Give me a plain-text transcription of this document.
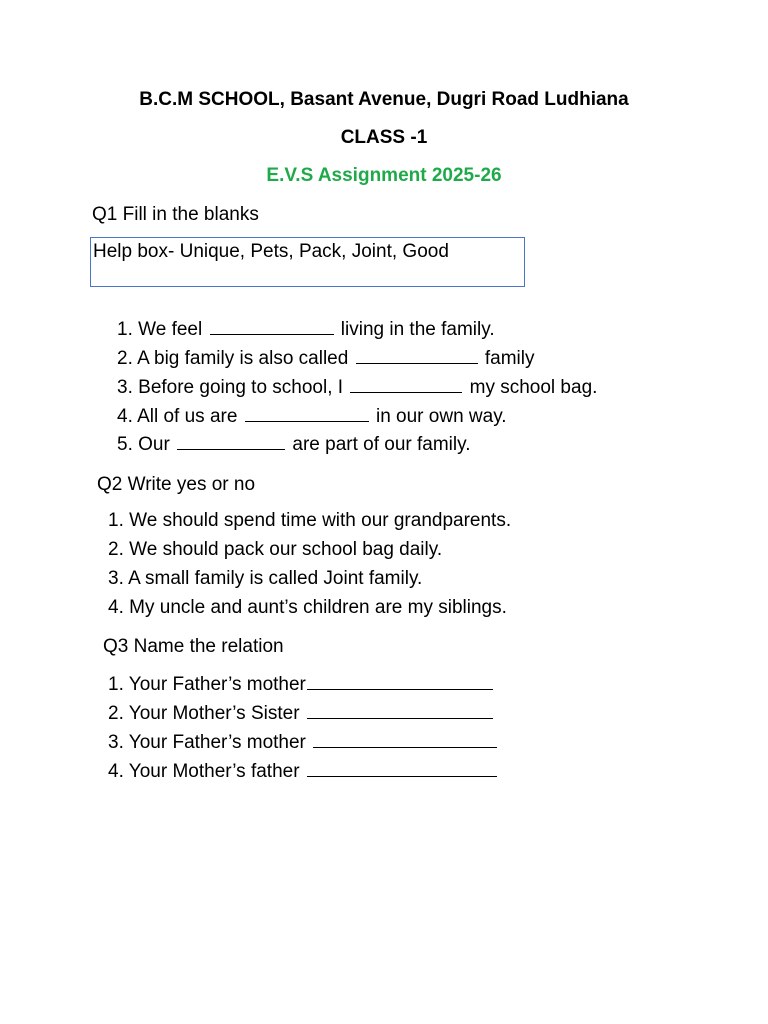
B.C.M SCHOOL, Basant Avenue, Dugri Road Ludhiana
CLASS -1
E.V.S Assignment 2025-26
Q1 Fill in the blanks
Help box- Unique, Pets, Pack, Joint, Good
1. We feel	living in the family.
2. A big family is also called	family
3. Before going to school, I	my school bag.
4. All of us are	in our own way.
5. Our	are part of our family.
Q2 Write yes or no
1. We should spend time with our grandparents.
2. We should pack our school bag daily.
3. A small family is called Joint family.
4. My uncle and aunt’s children are my siblings.
Q3 Name the relation
1. Your Father’s mother
2. Your Mother’s Sister
3. Your Father’s mother
4. Your Mother’s father
